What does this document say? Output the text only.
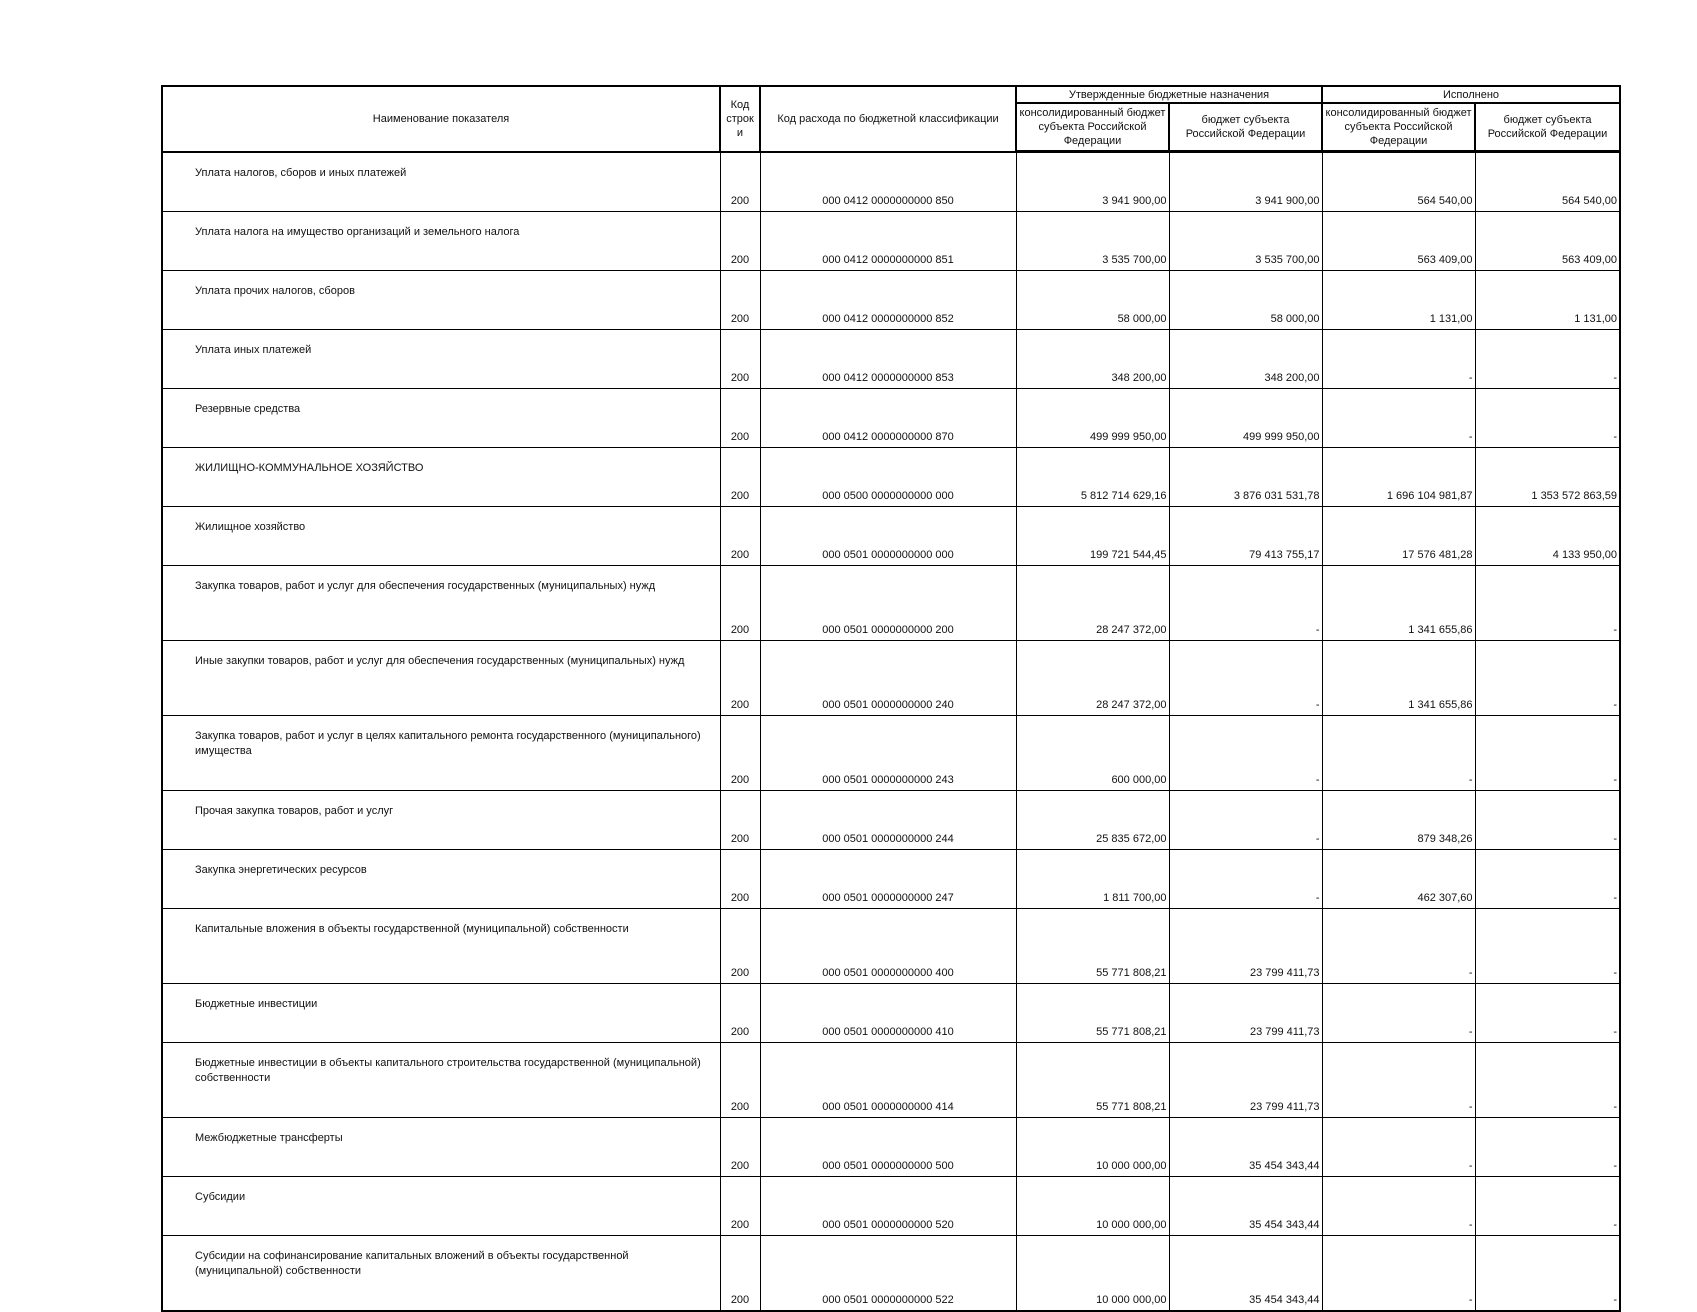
Наименование показателя	Код строк и	Код расхода по бюджетной классификации	Утвержденные бюджетные назначения		Исполнено	
			консолидированный бюджет субъекта Российской Федерации	бюджет субъекта Российской Федерации	консолидированный бюджет субъекта Российской Федерации	бюджет субъекта Российской Федерации
Уплата налогов, сборов и иных платежей	200	000 0412 0000000000 850	3 941 900,00	3 941 900,00	564 540,00	564 540,00
Уплата налога на имущество организаций и земельного налога	200	000 0412 0000000000 851	3 535 700,00	3 535 700,00	563 409,00	563 409,00
Уплата прочих налогов, сборов	200	000 0412 0000000000 852	58 000,00	58 000,00	1 131,00	1 131,00
Уплата иных платежей	200	000 0412 0000000000 853	348 200,00	348 200,00	-	-
Резервные средства	200	000 0412 0000000000 870	499 999 950,00	499 999 950,00	-	-
ЖИЛИЩНО-КОММУНАЛЬНОЕ ХОЗЯЙСТВО	200	000 0500 0000000000 000	5 812 714 629,16	3 876 031 531,78	1 696 104 981,87	1 353 572 863,59
Жилищное хозяйство	200	000 0501 0000000000 000	199 721 544,45	79 413 755,17	17 576 481,28	4 133 950,00
Закупка товаров, работ и услуг для обеспечения государственных (муниципальных) нужд	200	000 0501 0000000000 200	28 247 372,00	-	1 341 655,86	-
Иные закупки товаров, работ и услуг для обеспечения государственных (муниципальных) нужд	200	000 0501 0000000000 240	28 247 372,00	-	1 341 655,86	-
Закупка товаров, работ и услуг в целях капитального ремонта государственного (муниципального) имущества	200	000 0501 0000000000 243	600 000,00	-	-	-
Прочая закупка товаров, работ и услуг	200	000 0501 0000000000 244	25 835 672,00	-	879 348,26	-
Закупка энергетических ресурсов	200	000 0501 0000000000 247	1 811 700,00	-	462 307,60	-
Капитальные вложения в объекты государственной (муниципальной) собственности	200	000 0501 0000000000 400	55 771 808,21	23 799 411,73	-	-
Бюджетные инвестиции	200	000 0501 0000000000 410	55 771 808,21	23 799 411,73	-	-
Бюджетные инвестиции в объекты капитального строительства государственной (муниципальной) собственности	200	000 0501 0000000000 414	55 771 808,21	23 799 411,73	-	-
Межбюджетные трансферты	200	000 0501 0000000000 500	10 000 000,00	35 454 343,44	-	-
Субсидии	200	000 0501 0000000000 520	10 000 000,00	35 454 343,44	-	-
Субсидии на софинансирование капитальных вложений в объекты государственной (муниципальной) собственности	200	000 0501 0000000000 522	10 000 000,00	35 454 343,44	-	-
